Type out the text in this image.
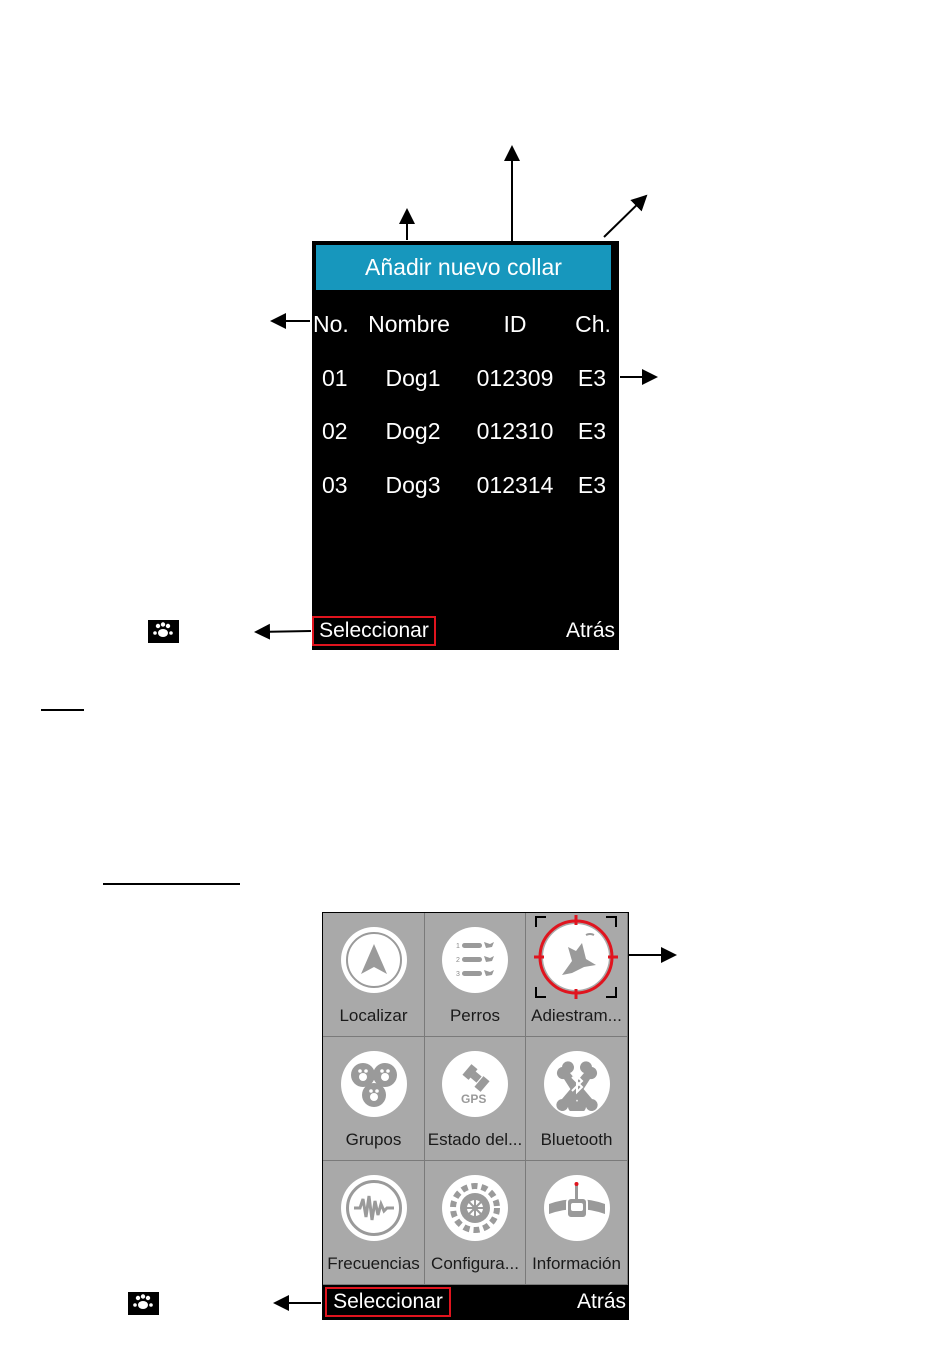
Añadir nuevo collar
No. Nombre	ID	Ch.
01	Dog1	012309	E3
02	Dog2	012310	E3
03	Dog3	012314	E3
Seleccionar	Atrás
Localizar
1
2
3
Perros	Adiestram...
Grupos
GPS
Estado del...	Bluetooth
Frecuencias Configura... Información
Seleccionar	Atrás
